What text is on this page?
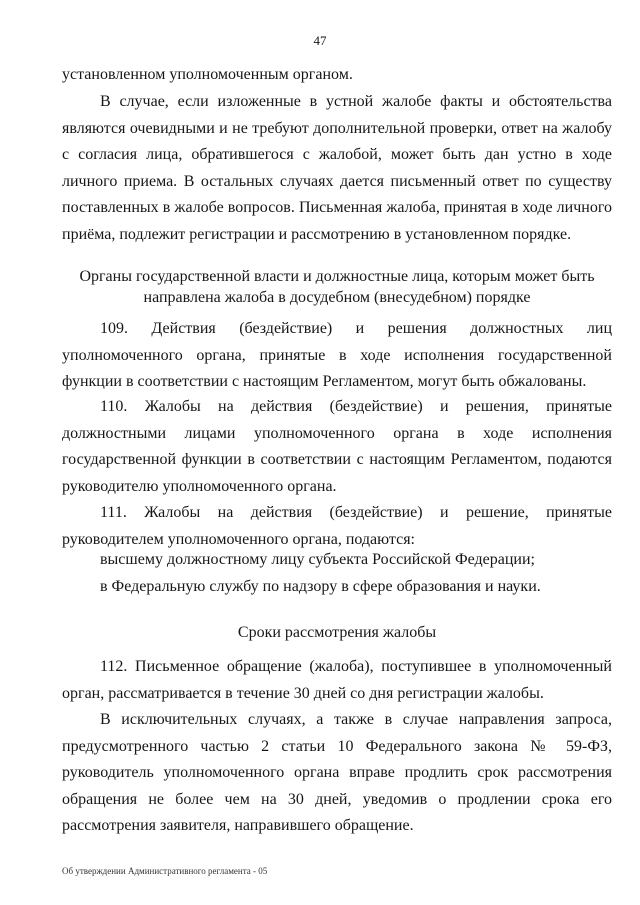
47
установленном уполномоченным органом.
В случае, если изложенные в устной жалобе факты и обстоятельства являются очевидными и не требуют дополнительной проверки, ответ на жалобу с согласия лица, обратившегося с жалобой, может быть дан устно в ходе личного приема. В остальных случаях дается письменный ответ по существу поставленных в жалобе вопросов. Письменная жалоба, принятая в ходе личного приёма, подлежит регистрации и рассмотрению в установленном порядке.
Органы государственной власти и должностные лица, которым может быть
направлена жалоба в досудебном (внесудебном) порядке
109. Действия (бездействие) и решения должностных лиц уполномоченного органа, принятые в ходе исполнения государственной функции в соответствии с настоящим Регламентом, могут быть обжалованы.
110. Жалобы на действия (бездействие) и решения, принятые должностными лицами уполномоченного органа в ходе исполнения государственной функции в соответствии с настоящим Регламентом, подаются руководителю уполномоченного органа.
111. Жалобы на действия (бездействие) и решение, принятые руководителем уполномоченного органа, подаются:
высшему должностному лицу субъекта Российской Федерации;
в Федеральную службу по надзору в сфере образования и науки.
Сроки рассмотрения жалобы
112. Письменное обращение (жалоба), поступившее в уполномоченный орган, рассматривается в течение 30 дней со дня регистрации жалобы.
В исключительных случаях, а также в случае направления запроса, предусмотренного частью 2 статьи 10 Федерального закона № 59-ФЗ, руководитель уполномоченного органа вправе продлить срок рассмотрения обращения не более чем на 30 дней, уведомив о продлении срока его рассмотрения заявителя, направившего обращение.
Об утверждении Административного регламента - 05
